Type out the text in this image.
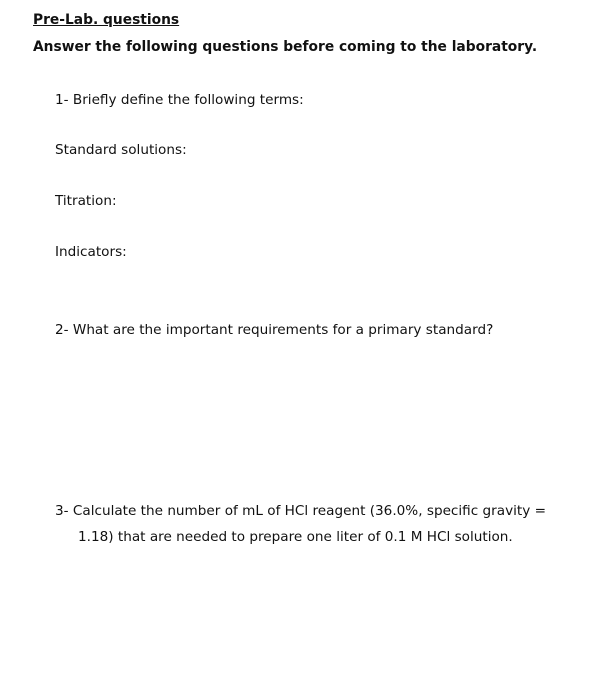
Pre-Lab. questions
Answer the following questions before coming to the laboratory.
1- Briefly define the following terms:
Standard solutions:
Titration:
Indicators:
2- What are the important requirements for a primary standard?
3- Calculate the number of mL of HCl reagent (36.0%, specific gravity =
1.18) that are needed to prepare one liter of 0.1 M HCl solution.
